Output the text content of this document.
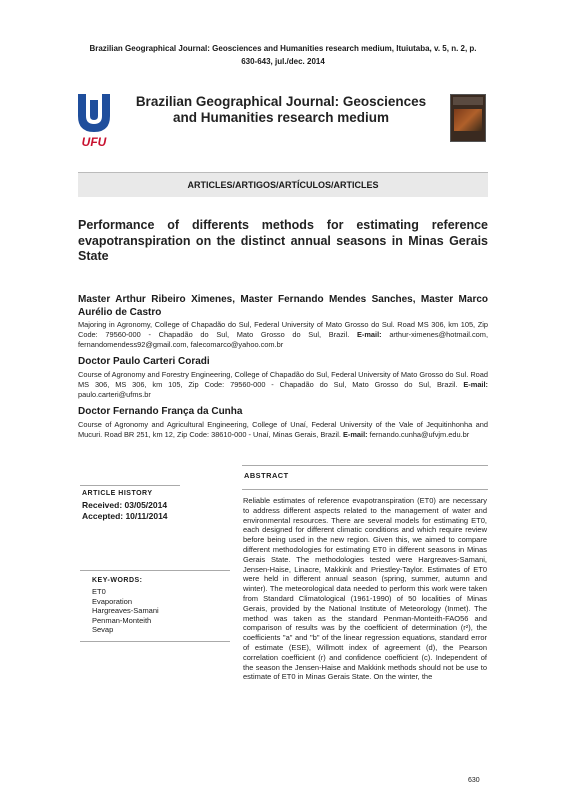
Brazilian Geographical Journal: Geosciences and Humanities research medium, Ituiutaba, v. 5, n. 2, p.
630-643, jul./dec. 2014
UFU
Brazilian Geographical Journal: Geosciences and Humanities research medium
ARTICLES/ARTIGOS/ARTÍCULOS/ARTICLES
Performance of differents methods for estimating reference evapotranspiration on the distinct annual seasons in Minas Gerais State
Master Arthur Ribeiro Ximenes, Master Fernando Mendes Sanches, Master Marco Aurélio de Castro
Majoring in Agronomy, College of Chapadão do Sul, Federal University of Mato Grosso do Sul. Road MS 306, km 105, Zip Code: 79560-000 - Chapadão do Sul, Mato Grosso do Sul, Brazil. E-mail: arthur-ximenes@hotmail.com, fernandomendess92@gmail.com, falecomarco@yahoo.com.br
Doctor Paulo Carteri Coradi
Course of Agronomy and Forestry Engineering, College of Chapadão do Sul, Federal University of Mato Grosso do Sul. Road MS 306, MS 306, km 105, Zip Code: 79560-000 - Chapadão do Sul, Mato Grosso do Sul, Brazil. E-mail: paulo.carteri@ufms.br
Doctor Fernando França da Cunha
Course of Agronomy and Agricultural Engineering, College of Unaí, Federal University of the Vale of Jequitinhonha and Mucuri. Road BR 251, km 12, Zip Code: 38610-000 - Unaí, Minas Gerais, Brazil. E-mail: fernando.cunha@ufvjm.edu.br
ARTICLE HISTORY
Received: 03/05/2014
Accepted: 10/11/2014
KEY-WORDS:
ET0
Evaporation
Hargreaves-Samani
Penman-Monteith
Sevap
ABSTRACT
Reliable estimates of reference evapotranspiration (ET0) are necessary to address different aspects related to the management of water and environmental resources. There are several models for estimating ET0, each designed for different climatic conditions and which require review before being used in the new region. Given this, we aimed to compare different methodologies for estimating ET0 in different seasons in Minas Gerais State. The methodologies tested were Hargreaves-Samani, Jensen-Haise, Linacre, Makkink and Priestley-Taylor. Estimates of ET0 were held in different annual season (spring, summer, autumn and winter). The meteorological data needed to perform this work were taken from Standard Climatological (1961-1990) of 50 localities of Minas Gerais, provided by the National Institute of Meteorology (Inmet). The method was taken as the standard Penman-Monteith-FAO56 and comparison of results was by the coefficient of determination (r²), the coefficients "a" and "b" of the linear regression equations, standard error of estimate (ESE), Willmott index of agreement (d), the Pearson correlation coefficient (r) and confidence coefficient (c). Independent of the season the Jensen-Haise and Makkink methods should not be use to estimate of ET0 in Minas Gerais State. On the winter, the
630
